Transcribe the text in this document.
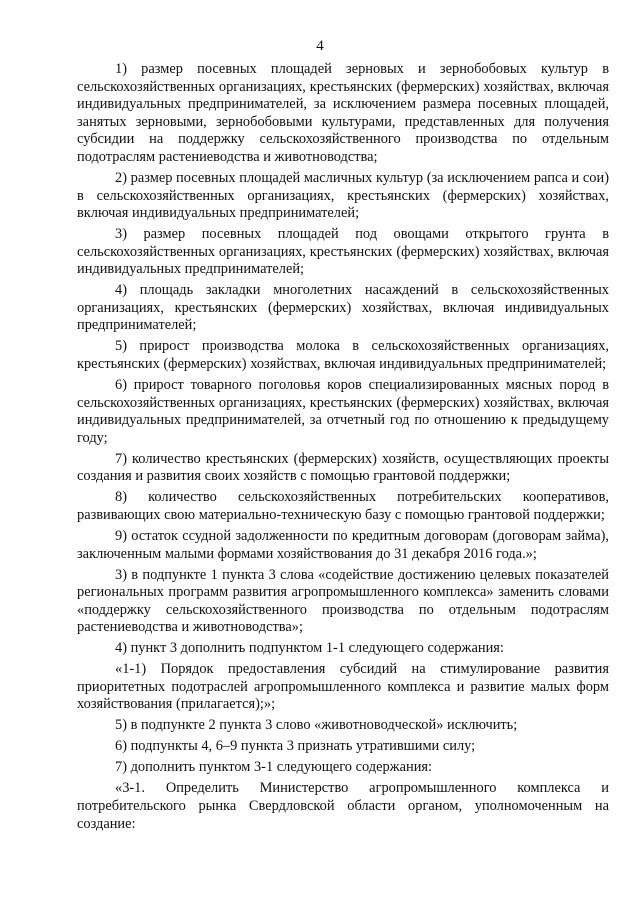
4

1) размер посевных площадей зерновых и зернобобовых культур в сельскохозяйственных организациях, крестьянских (фермерских) хозяйствах, включая индивидуальных предпринимателей, за исключением размера посевных площадей, занятых зерновыми, зернобобовыми культурами, представленных для получения субсидии на поддержку сельскохозяйственного производства по отдельным подотраслям растениеводства и животноводства;

2) размер посевных площадей масличных культур (за исключением рапса и сои) в сельскохозяйственных организациях, крестьянских (фермерских) хозяйствах, включая индивидуальных предпринимателей;

3) размер посевных площадей под овощами открытого грунта в сельскохозяйственных организациях, крестьянских (фермерских) хозяйствах, включая индивидуальных предпринимателей;

4) площадь закладки многолетних насаждений в сельскохозяйственных организациях, крестьянских (фермерских) хозяйствах, включая индивидуальных предпринимателей;

5) прирост производства молока в сельскохозяйственных организациях, крестьянских (фермерских) хозяйствах, включая индивидуальных предпринимателей;

6) прирост товарного поголовья коров специализированных мясных пород в сельскохозяйственных организациях, крестьянских (фермерских) хозяйствах, включая индивидуальных предпринимателей, за отчетный год по отношению к предыдущему году;

7) количество крестьянских (фермерских) хозяйств, осуществляющих проекты создания и развития своих хозяйств с помощью грантовой поддержки;

8) количество сельскохозяйственных потребительских кооперативов, развивающих свою материально-техническую базу с помощью грантовой поддержки;

9) остаток ссудной задолженности по кредитным договорам (договорам займа), заключенным малыми формами хозяйствования до 31 декабря 2016 года.»;

3) в подпункте 1 пункта 3 слова «содействие достижению целевых показателей региональных программ развития агропромышленного комплекса» заменить словами «поддержку сельскохозяйственного производства по отдельным подотраслям растениеводства и животноводства»;

4) пункт 3 дополнить подпунктом 1-1 следующего содержания:

«1-1) Порядок предоставления субсидий на стимулирование развития приоритетных подотраслей агропромышленного комплекса и развитие малых форм хозяйствования (прилагается);»;

5) в подпункте 2 пункта 3 слово «животноводческой» исключить;

6) подпункты 4, 6–9 пункта 3 признать утратившими силу;

7) дополнить пунктом 3-1 следующего содержания:

«3-1. Определить Министерство агропромышленного комплекса и потребительского рынка Свердловской области органом, уполномоченным на создание:
